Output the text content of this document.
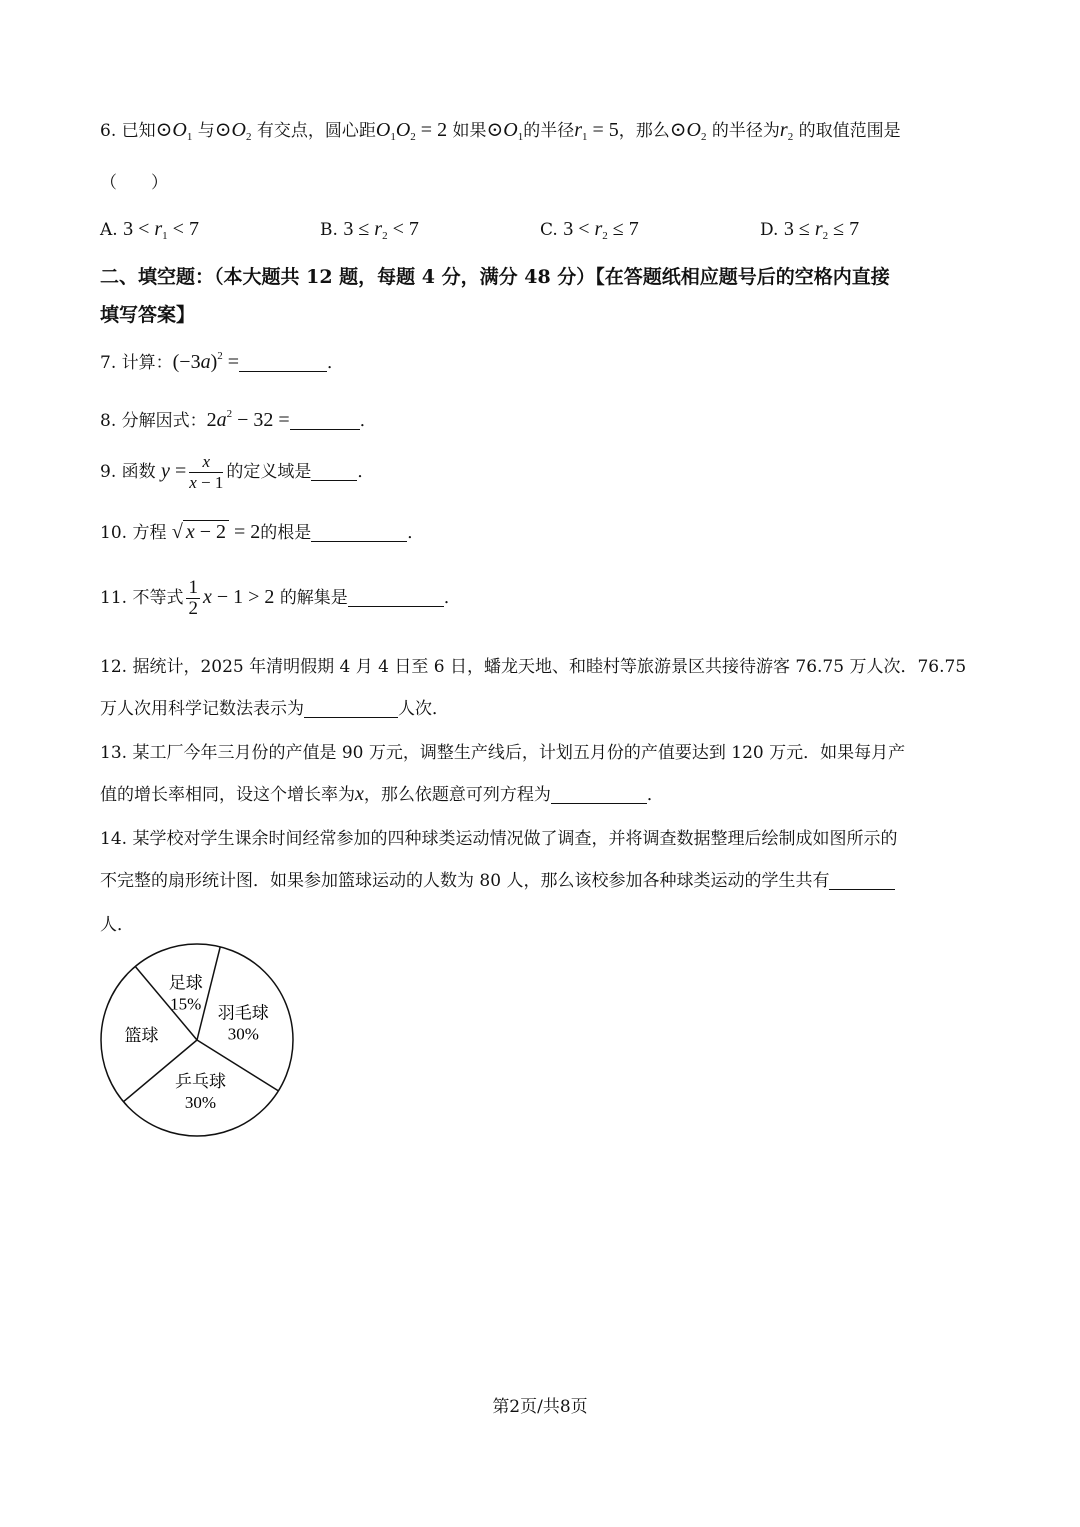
6. 已知$⊙O_1$ 与$⊙O_2$ 有交点，圆心距$O_1O_2 = 2$ 如果$⊙O_1$的半径$r_1 = 5$，那么$⊙O_2$ 的半径为$r_2$ 的取值范围是
（　　）
A. $3 < r_1 < 7$	B. $3 \le r_2 < 7$	C. $3 < r_2 \le 7$	D. $3 \le r_2 \le 7$
二、填空题：（本大题共 12 题，每题 4 分，满分 48 分）【在答题纸相应题号后的空格内直接
填写答案】
7. 计算：$(-3a)^2$ =	．
8. 分解因式：$2a^2 - 32$ =	．
9. 函数 $y = \frac{x}{x - 1}$ 的定义域是	．
10. 方程 √ x − 2 = 2的根是	．
11. 不等式 $\frac{1}{2}$ x − 1 > 2 的解集是	．
12. 据统计，2025 年清明假期 4 月 4 日至 6 日，蟠龙天地、和睦村等旅游景区共接待游客 76.75 万人次．76.75
万人次用科学记数法表示为	人次．
13. 某工厂今年三月份的产值是 90 万元，调整生产线后，计划五月份的产值要达到 120 万元．如果每月产
值的增长率相同，设这个增长率为x，那么依题意可列方程为	．
14. 某学校对学生课余时间经常参加的四种球类运动情况做了调查，并将调查数据整理后绘制成如图所示的
不完整的扇形统计图．如果参加篮球运动的人数为 80 人，那么该校参加各种球类运动的学生共有
人．
足球
15% 羽毛球
30%
乒乓球
30%
篮球
第2页/共8页
